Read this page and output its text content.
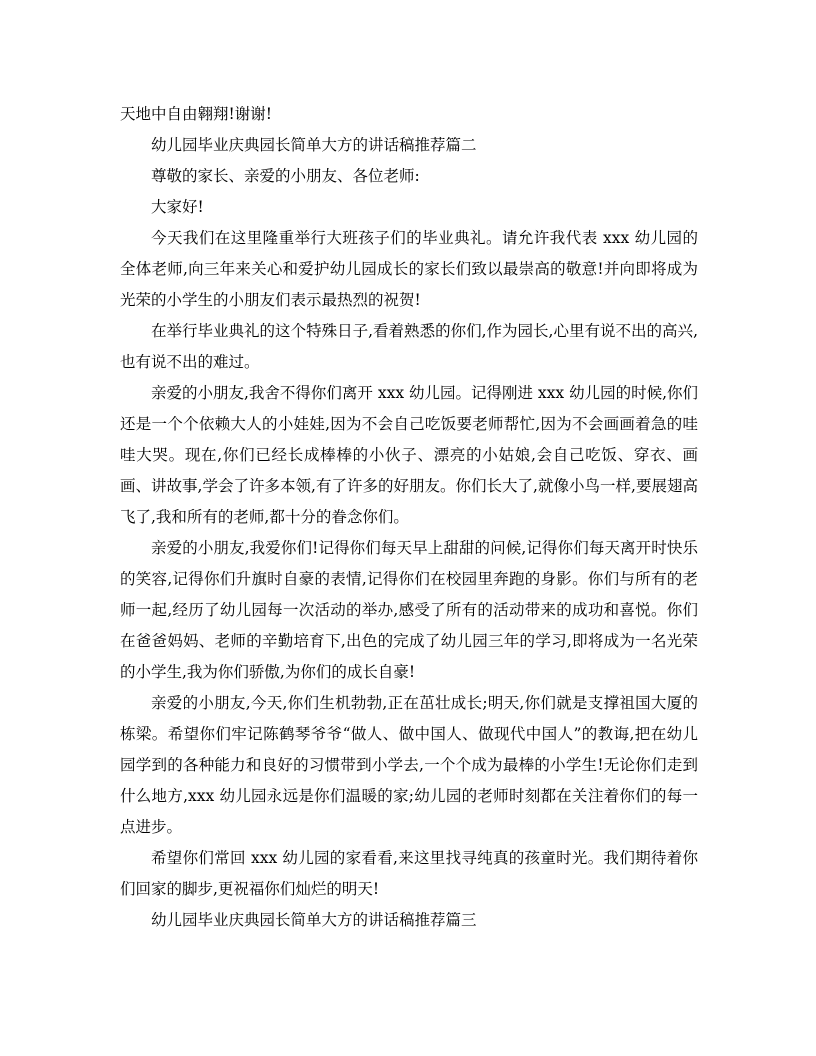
天地中自由翱翔!谢谢!

幼儿园毕业庆典园长简单大方的讲话稿推荐篇二

尊敬的家长、亲爱的小朋友、各位老师:

大家好!

今天我们在这里隆重举行大班孩子们的毕业典礼。请允许我代表 xxx 幼儿园的全体老师,向三年来关心和爱护幼儿园成长的家长们致以最崇高的敬意!并向即将成为光荣的小学生的小朋友们表示最热烈的祝贺!

在举行毕业典礼的这个特殊日子,看着熟悉的你们,作为园长,心里有说不出的高兴,也有说不出的难过。

亲爱的小朋友,我舍不得你们离开 xxx 幼儿园。记得刚进 xxx 幼儿园的时候,你们还是一个个依赖大人的小娃娃,因为不会自己吃饭要老师帮忙,因为不会画画着急的哇哇大哭。现在,你们已经长成棒棒的小伙子、漂亮的小姑娘,会自己吃饭、穿衣、画画、讲故事,学会了许多本领,有了许多的好朋友。你们长大了,就像小鸟一样,要展翅高飞了,我和所有的老师,都十分的眷念你们。

亲爱的小朋友,我爱你们!记得你们每天早上甜甜的问候,记得你们每天离开时快乐的笑容,记得你们升旗时自豪的表情,记得你们在校园里奔跑的身影。你们与所有的老师一起,经历了幼儿园每一次活动的举办,感受了所有的活动带来的成功和喜悦。你们在爸爸妈妈、老师的辛勤培育下,出色的完成了幼儿园三年的学习,即将成为一名光荣的小学生,我为你们骄傲,为你们的成长自豪!

亲爱的小朋友,今天,你们生机勃勃,正在茁壮成长;明天,你们就是支撑祖国大厦的栋梁。希望你们牢记陈鹤琴爷爷“做人、做中国人、做现代中国人”的教诲,把在幼儿园学到的各种能力和良好的习惯带到小学去,一个个成为最棒的小学生!无论你们走到什么地方,xxx 幼儿园永远是你们温暖的家;幼儿园的老师时刻都在关注着你们的每一点进步。

希望你们常回 xxx 幼儿园的家看看,来这里找寻纯真的孩童时光。我们期待着你们回家的脚步,更祝福你们灿烂的明天!

幼儿园毕业庆典园长简单大方的讲话稿推荐篇三
